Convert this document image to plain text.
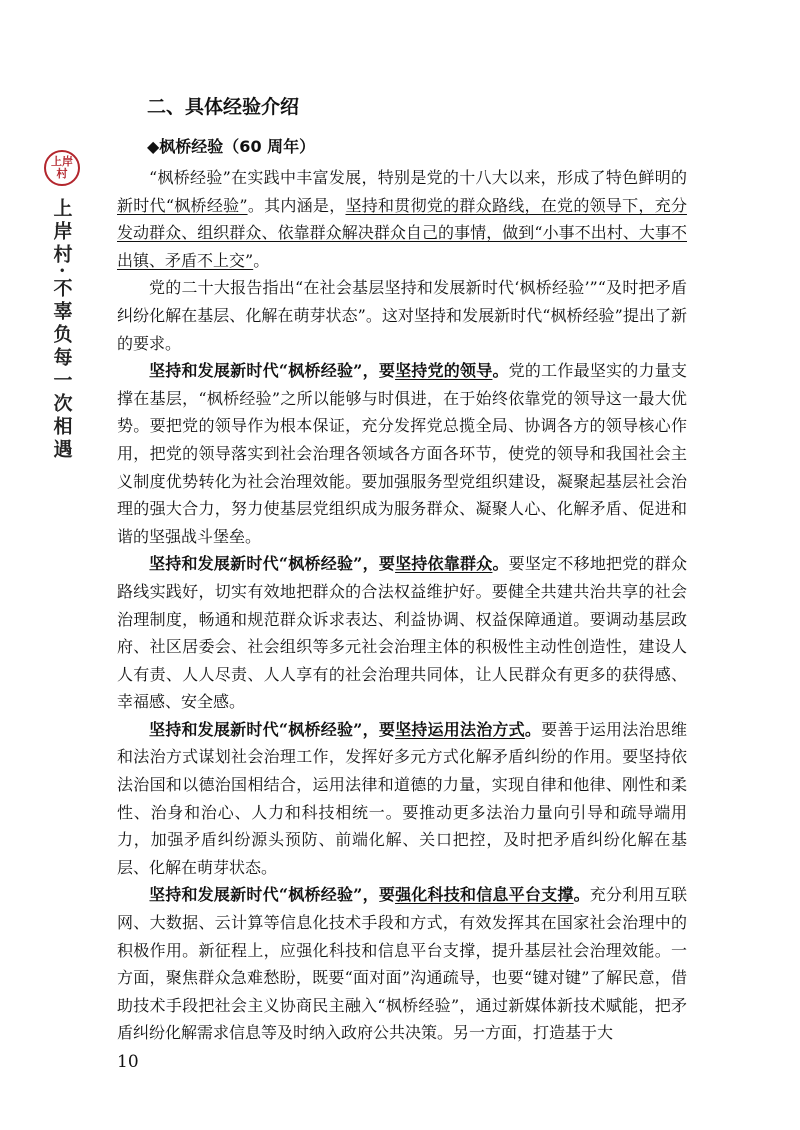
上岸村
上岸村·不辜负每一次相遇
二、具体经验介绍
◆枫桥经验（60 周年）

“枫桥经验”在实践中丰富发展，特别是党的十八大以来，形成了特色鲜明的新时代“枫桥经验”。其内涵是，坚持和贯彻党的群众路线，在党的领导下，充分发动群众、组织群众、依靠群众解决群众自己的事情，做到“小事不出村、大事不出镇、矛盾不上交”。

党的二十大报告指出“在社会基层坚持和发展新时代‘枫桥经验’”“及时把矛盾纠纷化解在基层、化解在萌芽状态”。这对坚持和发展新时代“枫桥经验”提出了新的要求。

坚持和发展新时代“枫桥经验”，要坚持党的领导。党的工作最坚实的力量支撑在基层，“枫桥经验”之所以能够与时俱进，在于始终依靠党的领导这一最大优势。要把党的领导作为根本保证，充分发挥党总揽全局、协调各方的领导核心作用，把党的领导落实到社会治理各领域各方面各环节，使党的领导和我国社会主义制度优势转化为社会治理效能。要加强服务型党组织建设，凝聚起基层社会治理的强大合力，努力使基层党组织成为服务群众、凝聚人心、化解矛盾、促进和谐的坚强战斗堡垒。

坚持和发展新时代“枫桥经验”，要坚持依靠群众。要坚定不移地把党的群众路线实践好，切实有效地把群众的合法权益维护好。要健全共建共治共享的社会治理制度，畅通和规范群众诉求表达、利益协调、权益保障通道。要调动基层政府、社区居委会、社会组织等多元社会治理主体的积极性主动性创造性，建设人人有责、人人尽责、人人享有的社会治理共同体，让人民群众有更多的获得感、幸福感、安全感。

坚持和发展新时代“枫桥经验”，要坚持运用法治方式。要善于运用法治思维和法治方式谋划社会治理工作，发挥好多元方式化解矛盾纠纷的作用。要坚持依法治国和以德治国相结合，运用法律和道德的力量，实现自律和他律、刚性和柔性、治身和治心、人力和科技相统一。要推动更多法治力量向引导和疏导端用力，加强矛盾纠纷源头预防、前端化解、关口把控，及时把矛盾纠纷化解在基层、化解在萌芽状态。

坚持和发展新时代“枫桥经验”，要强化科技和信息平台支撑。充分利用互联网、大数据、云计算等信息化技术手段和方式，有效发挥其在国家社会治理中的积极作用。新征程上，应强化科技和信息平台支撑，提升基层社会治理效能。一方面，聚焦群众急难愁盼，既要“面对面”沟通疏导，也要“键对键”了解民意，借助技术手段把社会主义协商民主融入“枫桥经验”，通过新媒体新技术赋能，把矛盾纠纷化解需求信息等及时纳入政府公共决策。另一方面，打造基于大

10
